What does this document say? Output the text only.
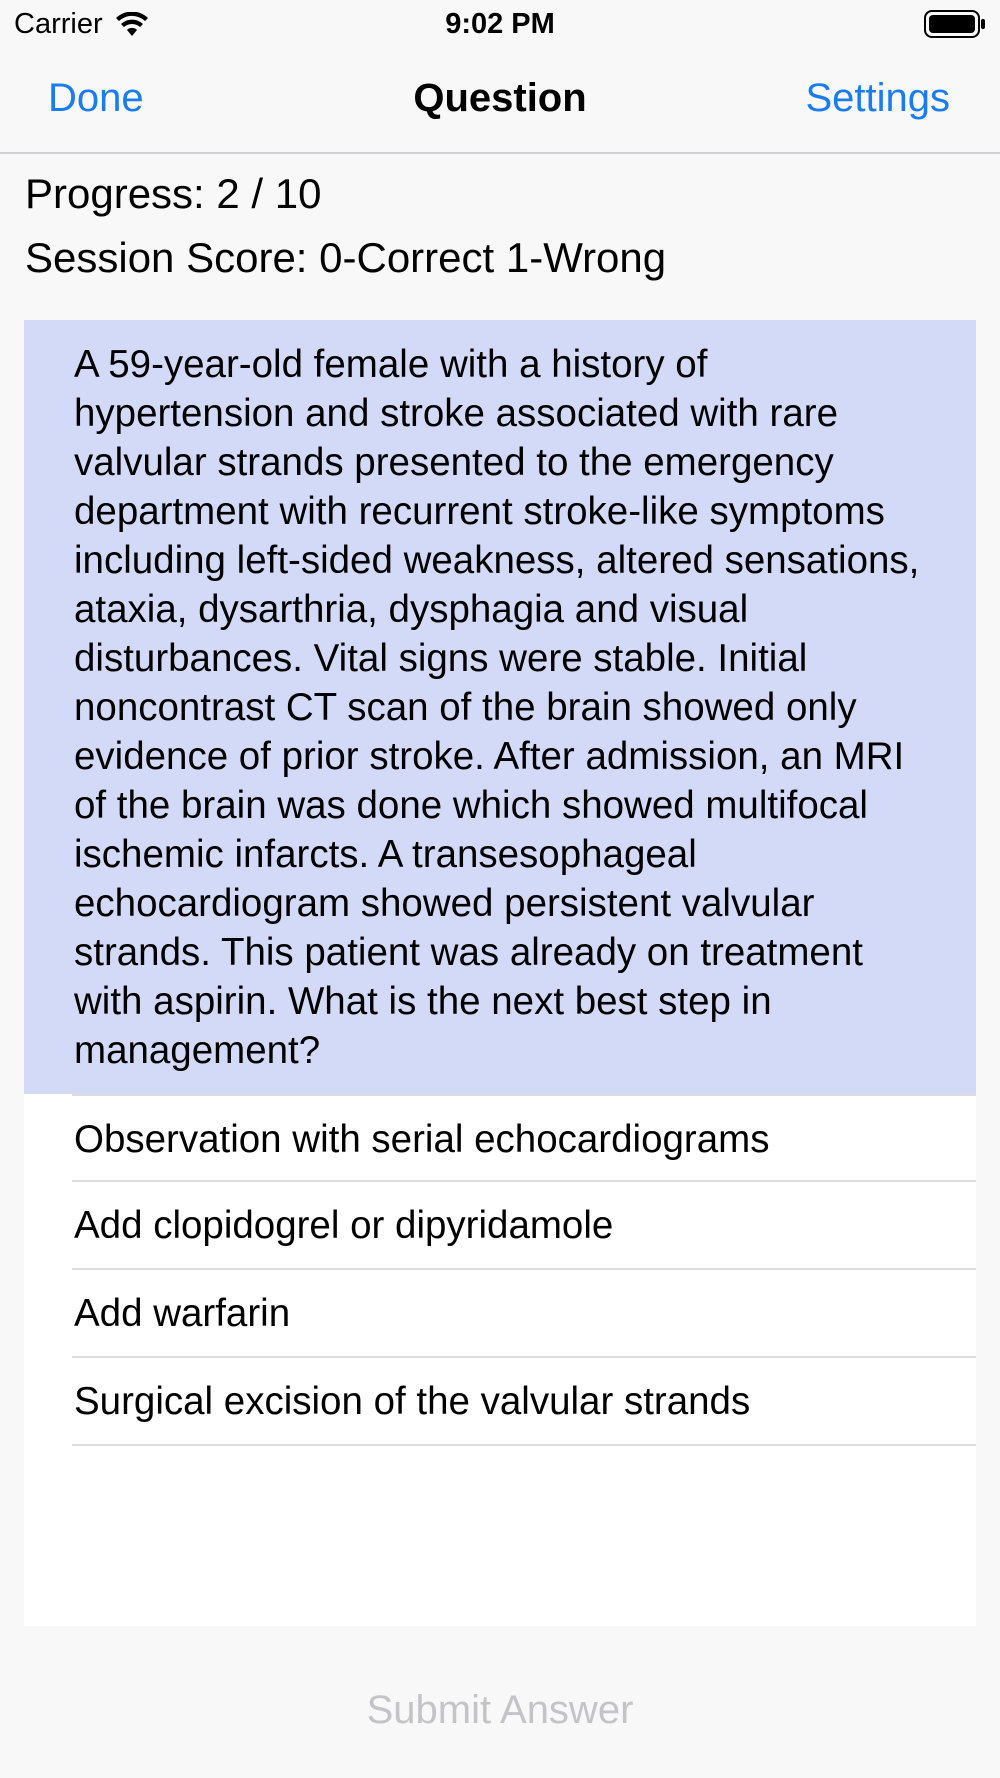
Carrier	9:02 PM
Done	Question	Settings
Progress: 2 / 10
Session Score: 0-Correct 1-Wrong
A 59-year-old female with a history of hypertension and stroke associated with rare valvular strands presented to the emergency department with recurrent stroke-like symptoms including left-sided weakness, altered sensations, ataxia, dysarthria, dysphagia and visual disturbances. Vital signs were stable. Initial noncontrast CT scan of the brain showed only evidence of prior stroke. After admission, an MRI of the brain was done which showed multifocal ischemic infarcts. A transesophageal echocardiogram showed persistent valvular strands. This patient was already on treatment with aspirin. What is the next best step in management?
Observation with serial echocardiograms
Add clopidogrel or dipyridamole
Add warfarin
Surgical excision of the valvular strands
Submit Answer
